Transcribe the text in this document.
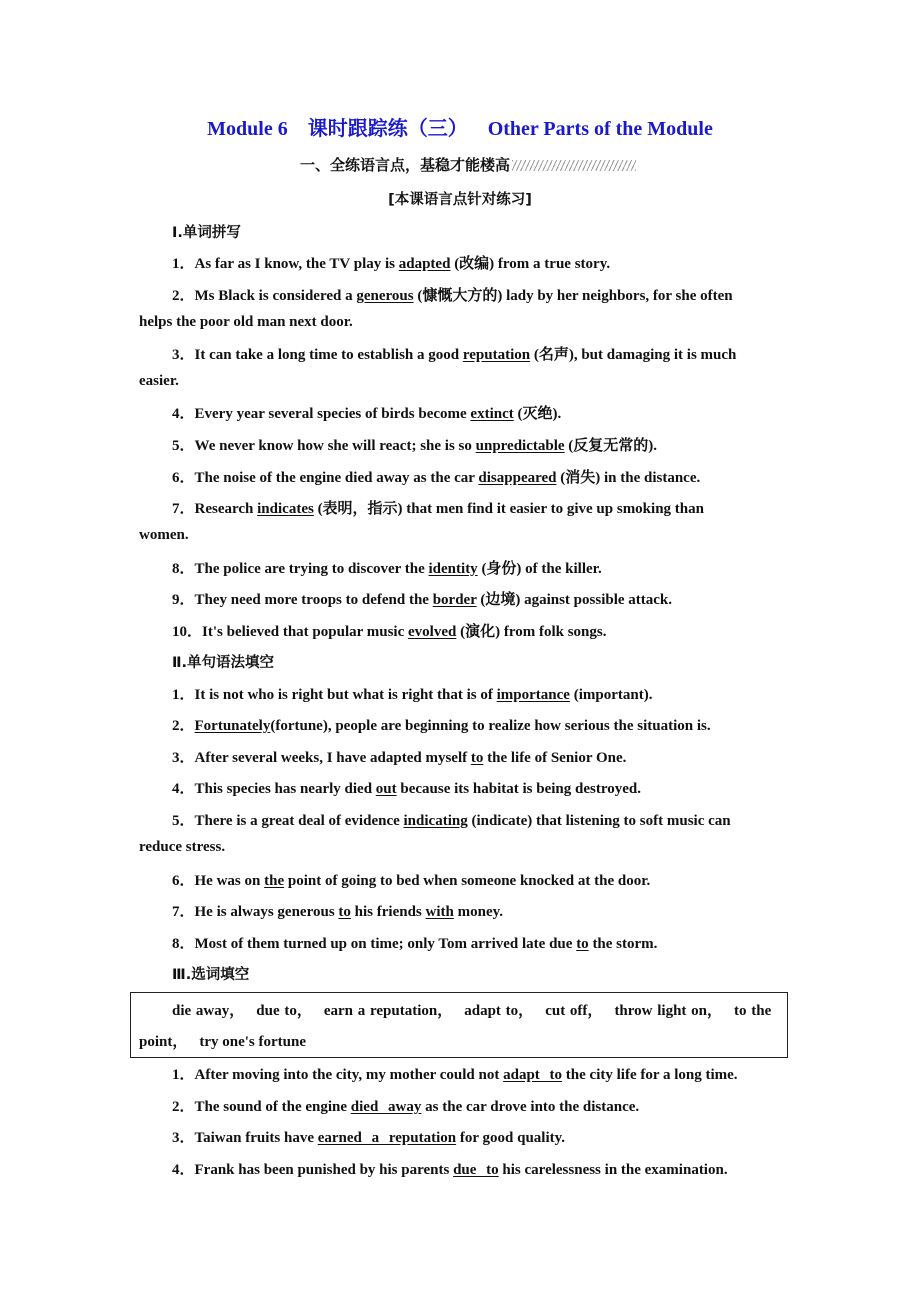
Module 6 课时跟踪练（三） Other Parts of the Module
一、全练语言点，基稳才能楼高
[本课语言点针对练习]
Ⅰ.单词拼写
1．As far as I know, the TV play is adapted (改编) from a true story.
2．Ms Black is considered a generous (慷慨大方的) lady by her neighbors, for she often
helps the poor old man next door.
3．It can take a long time to establish a good reputation (名声), but damaging it is much
easier.
4．Every year several species of birds become extinct (灭绝).
5．We never know how she will react; she is so unpredictable (反复无常的).
6．The noise of the engine died away as the car disappeared (消失) in the distance.
7．Research indicates (表明，指示) that men find it easier to give up smoking than
women.
8．The police are trying to discover the identity (身份) of the killer.
9．They need more troops to defend the border (边境) against possible attack.
10．It's believed that popular music evolved (演化) from folk songs.
Ⅱ.单句语法填空
1．It is not who is right but what is right that is of importance (important).
2．Fortunately(fortune), people are beginning to realize how serious the situation is.
3．After several weeks, I have adapted myself to the life of Senior One.
4．This species has nearly died out because its habitat is being destroyed.
5．There is a great deal of evidence indicating (indicate) that listening to soft music can
reduce stress.
6．He was on the point of going to bed when someone knocked at the door.
7．He is always generous to his friends with money.
8．Most of them turned up on time; only Tom arrived late due to the storm.
Ⅲ.选词填空
die away， due to， earn a reputation， adapt to， cut off， throw light on， to the
point， try one's fortune
1．After moving into the city, my mother could not adapt to the city life for a long time.
2．The sound of the engine died away as the car drove into the distance.
3．Taiwan fruits have earned a reputation for good quality.
4．Frank has been punished by his parents due to his carelessness in the examination.
